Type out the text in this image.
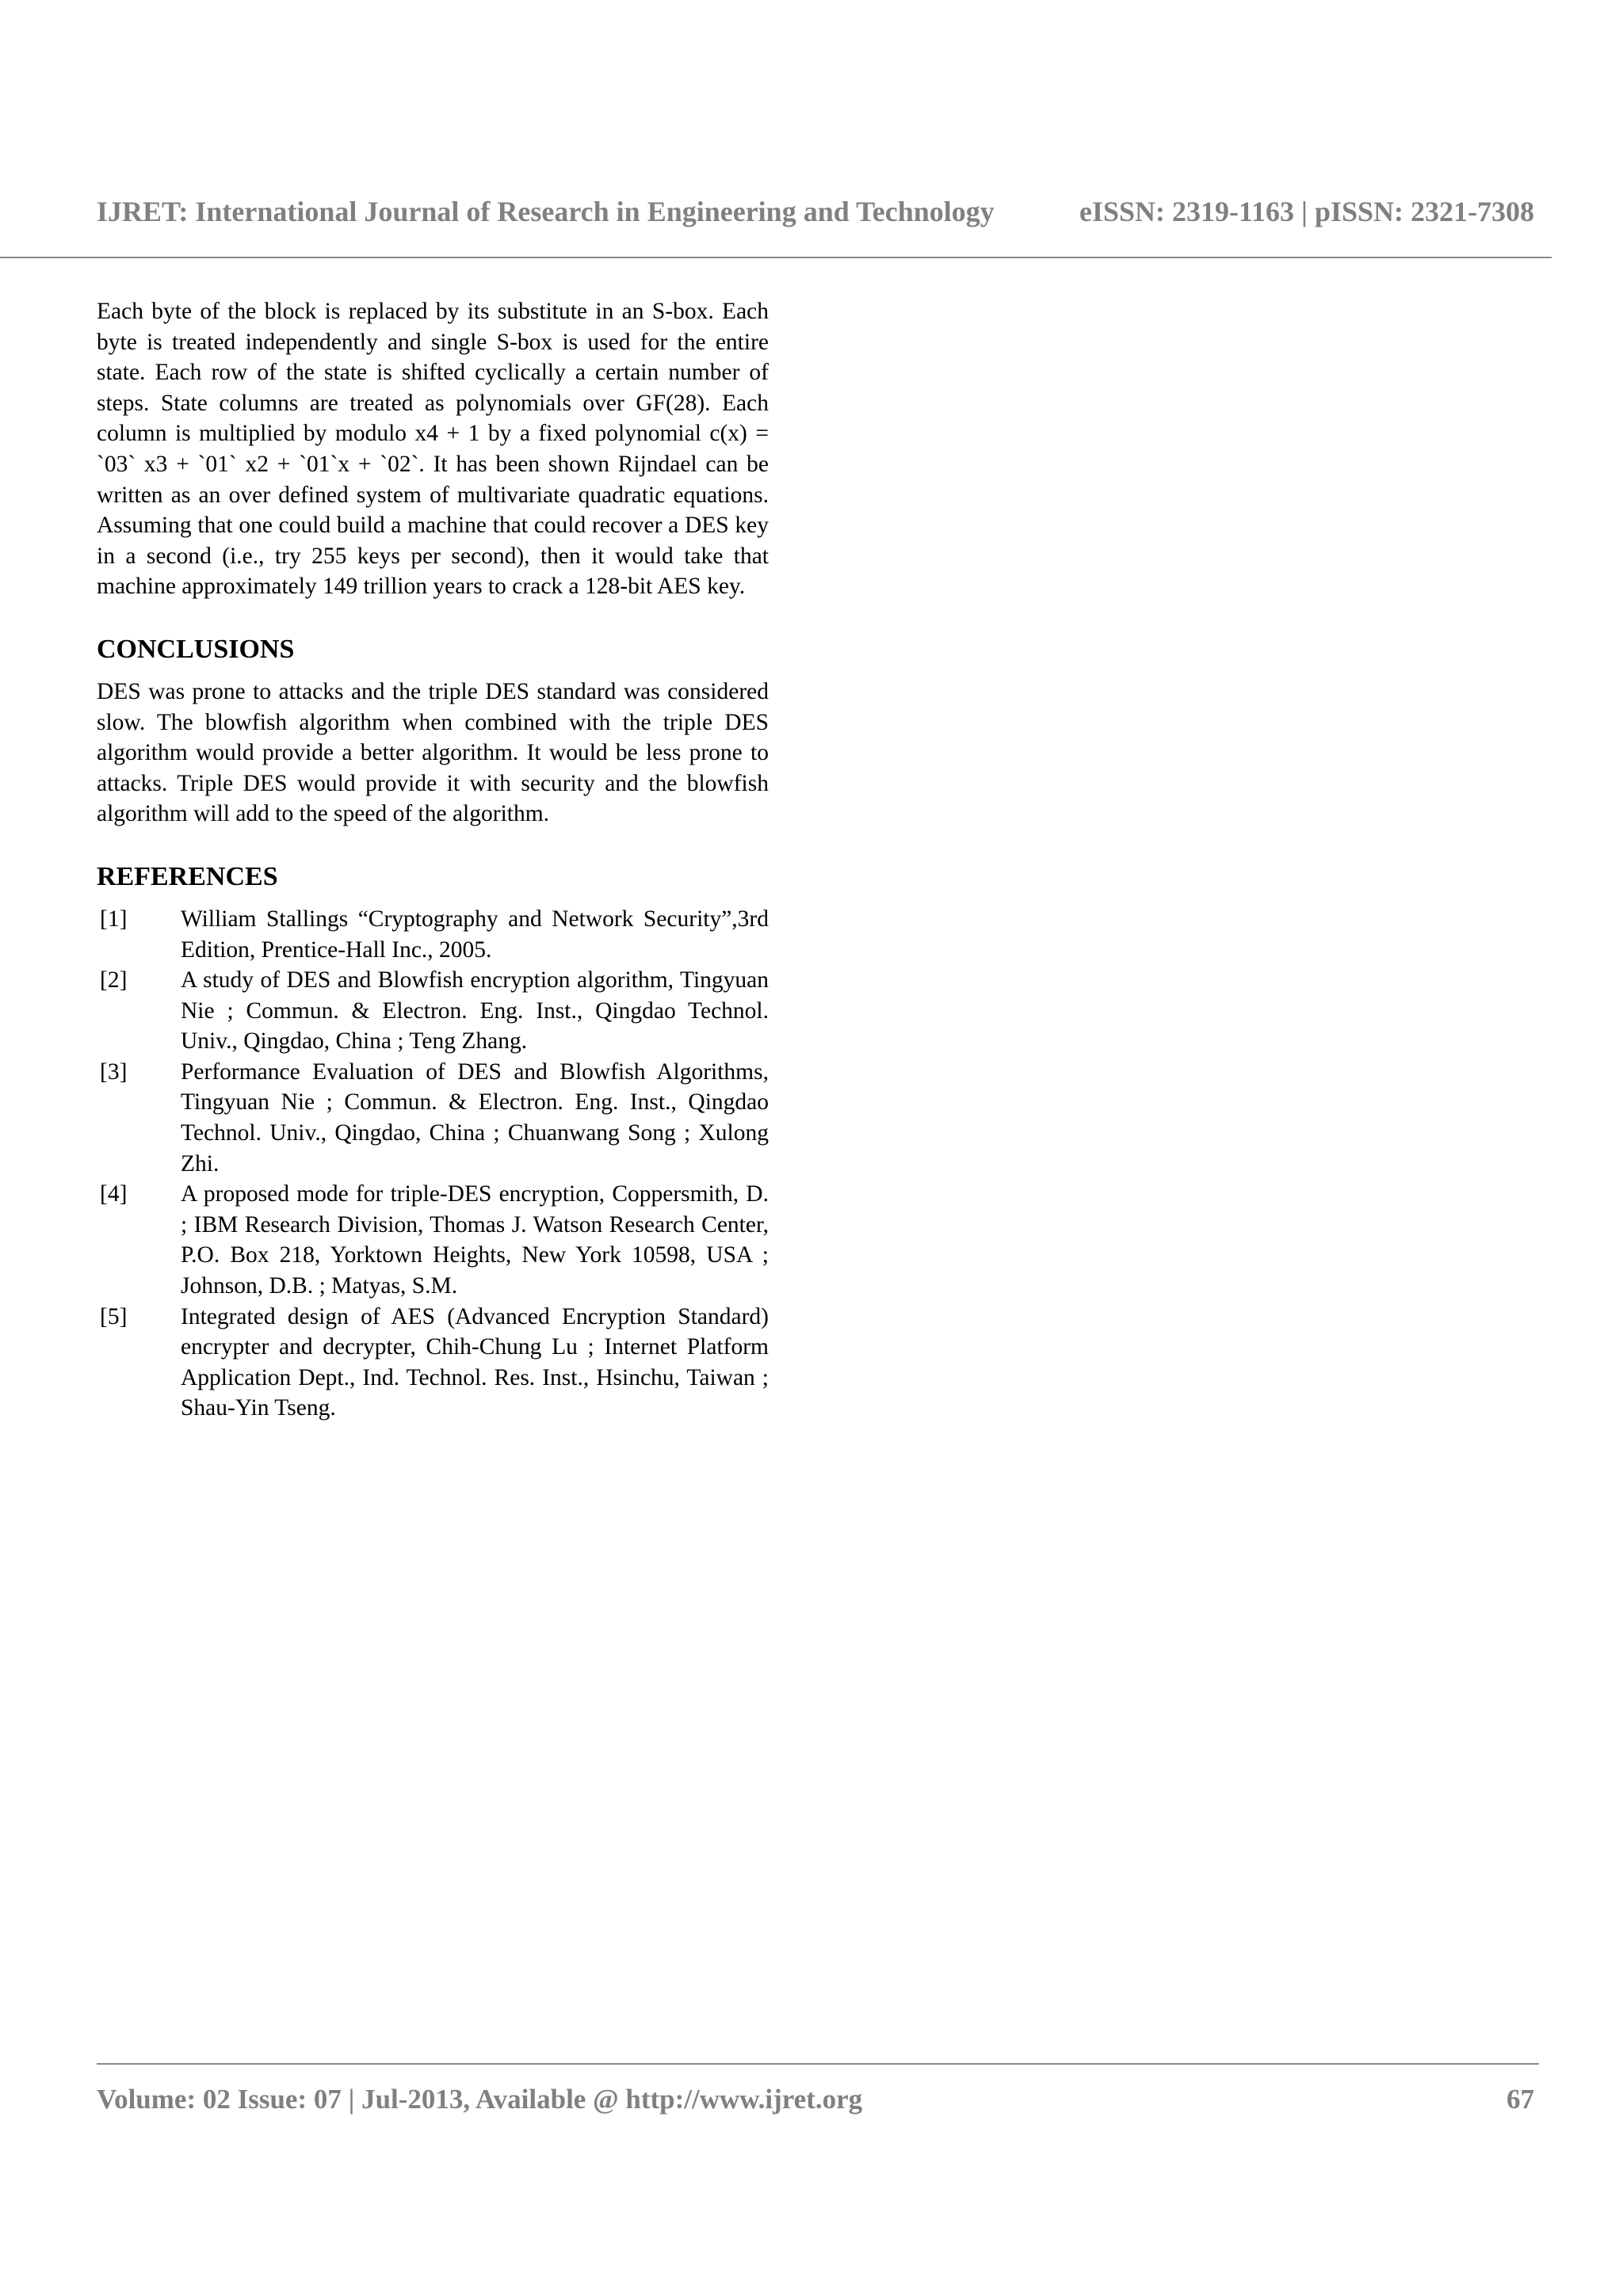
IJRET: International Journal of Research in Engineering and Technology	eISSN: 2319-1163 | pISSN: 2321-7308

Each byte of the block is replaced by its substitute in an S-box. Each byte is treated independently and single S-box is used for the entire state. Each row of the state is shifted cyclically a certain number of steps. State columns are treated as polynomials over GF(28). Each column is multiplied by modulo x4 + 1 by a fixed polynomial c(x) = `03` x3 + `01` x2 + `01`x + `02`. It has been shown Rijndael can be written as an over defined system of multivariate quadratic equations. Assuming that one could build a machine that could recover a DES key in a second (i.e., try 255 keys per second), then it would take that machine approximately 149 trillion years to crack a 128-bit AES key.

CONCLUSIONS

DES was prone to attacks and the triple DES standard was considered slow. The blowfish algorithm when combined with the triple DES algorithm would provide a better algorithm. It would be less prone to attacks. Triple DES would provide it with security and the blowfish algorithm will add to the speed of the algorithm.

REFERENCES
[1]	William Stallings “Cryptography and Network Security”,3rd Edition, Prentice-Hall Inc., 2005.
[2]	A study of DES and Blowfish encryption algorithm, Tingyuan Nie ; Commun. & Electron. Eng. Inst., Qingdao Technol. Univ., Qingdao, China ; Teng Zhang.
[3]	Performance Evaluation of DES and Blowfish Algorithms, Tingyuan Nie ; Commun. & Electron. Eng. Inst., Qingdao Technol. Univ., Qingdao, China ; Chuanwang Song ; Xulong Zhi.
[4]	A proposed mode for triple-DES encryption, Coppersmith, D. ; IBM Research Division, Thomas J. Watson Research Center, P.O. Box 218, Yorktown Heights, New York 10598, USA ; Johnson, D.B. ; Matyas, S.M.
[5]	Integrated design of AES (Advanced Encryption Standard) encrypter and decrypter, Chih-Chung Lu ; Internet Platform Application Dept., Ind. Technol. Res. Inst., Hsinchu, Taiwan ; Shau-Yin Tseng.
Volume: 02 Issue: 07 | Jul-2013, Available @ http://www.ijret.org	67
